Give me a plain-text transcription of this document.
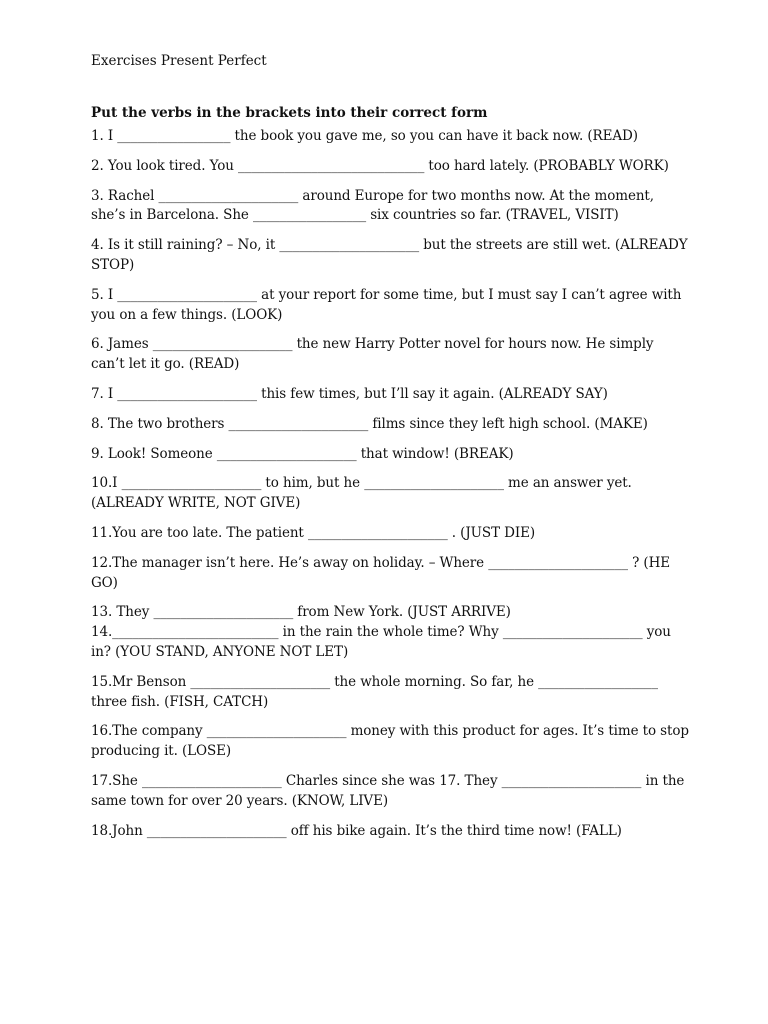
Exercises Present Perfect
Put the verbs in the brackets into their correct form

1. I _________________ the book you gave me, so you can have it back now. (READ)

2. You look tired. You ____________________________ too hard lately. (PROBABLY WORK)

3. Rachel _____________________ around Europe for two months now. At the moment, she’s in Barcelona. She _________________ six countries so far. (TRAVEL, VISIT)

4. Is it still raining? – No, it _____________________ but the streets are still wet. (ALREADY STOP)

5. I _____________________ at your report for some time, but I must say I can’t agree with you on a few things. (LOOK)

6. James _____________________ the new Harry Potter novel for hours now. He simply can’t let it go. (READ)

7. I _____________________ this few times, but I’ll say it again. (ALREADY SAY)

8. The two brothers _____________________ films since they left high school. (MAKE)

9. Look! Someone _____________________ that window! (BREAK)

10.I _____________________ to him, but he _____________________ me an answer yet. (ALREADY WRITE, NOT GIVE)

11.You are too late. The patient _____________________ . (JUST DIE)

12.The manager isn’t here. He’s away on holiday. – Where _____________________ ? (HE GO)

13. They _____________________ from New York. (JUST ARRIVE) 14._________________________ in the rain the whole time? Why _____________________ you in? (YOU STAND, ANYONE NOT LET)

15.Mr Benson _____________________ the whole morning. So far, he __________________ three fish. (FISH, CATCH)

16.The company _____________________ money with this product for ages. It’s time to stop producing it. (LOSE)

17.She _____________________ Charles since she was 17. They _____________________ in the same town for over 20 years. (KNOW, LIVE)

18.John _____________________ off his bike again. It’s the third time now! (FALL)
